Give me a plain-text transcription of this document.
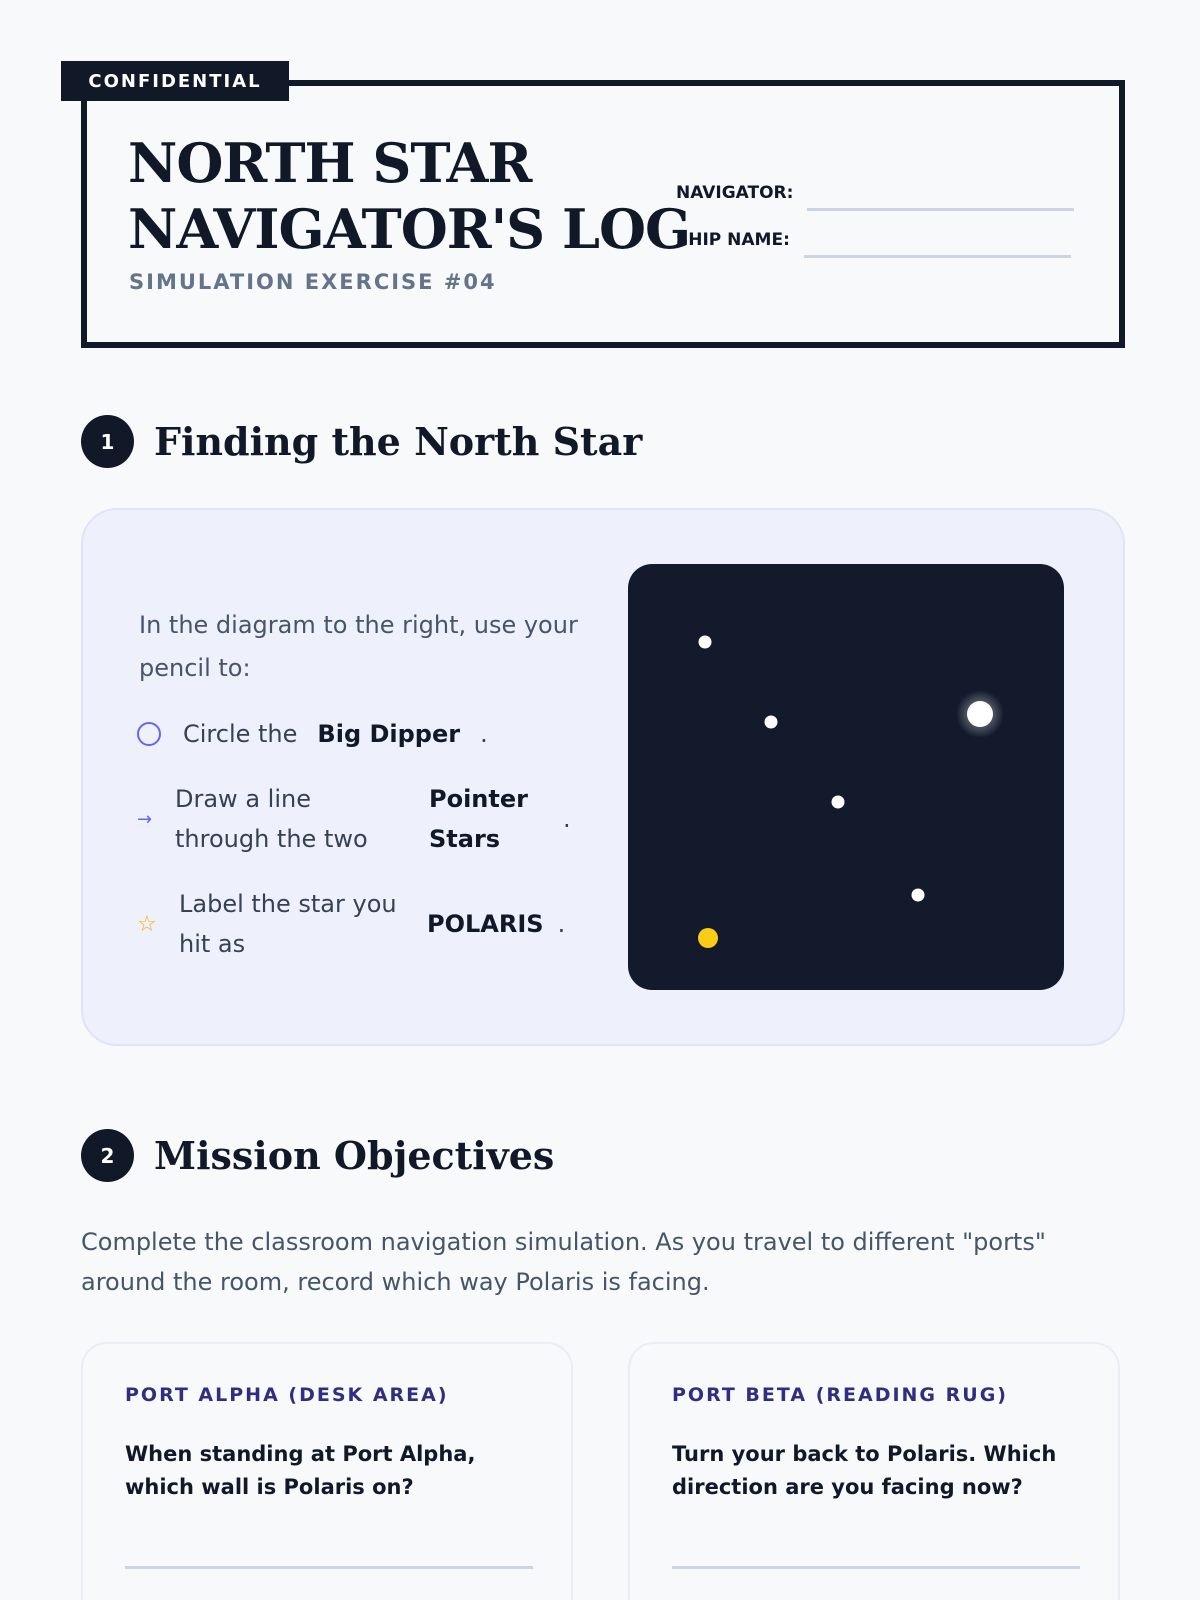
CONFIDENTIAL
NORTH STAR
NAVIGATOR'S LOG
SIMULATION EXERCISE #04
NAVIGATOR:
SHIP NAME:
1	Finding the North Star
In the diagram to the right, use your pencil to:
Circle the Big Dipper .
→
Draw a line through the two
Pointer Stars
.
☆
Label the star you hit as
POLARIS .
2	Mission Objectives
Complete the classroom navigation simulation. As you travel to different "ports" around the room, record which way Polaris is facing.
PORT ALPHA (DESK AREA)
When standing at Port Alpha, which wall is Polaris on?
PORT BETA (READING RUG)
Turn your back to Polaris. Which direction are you facing now?
